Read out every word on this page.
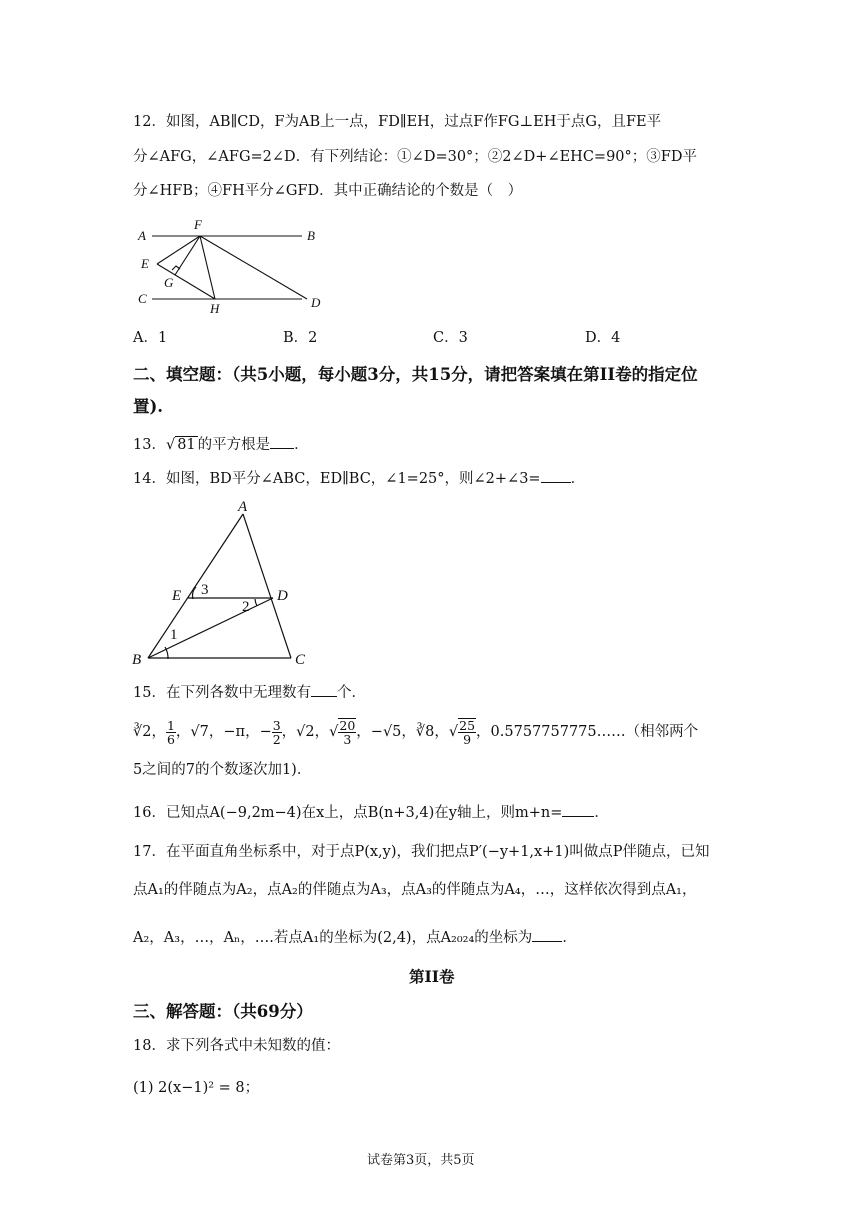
12．如图，AB∥CD，F为AB上一点，FD∥EH，过点F作FG⊥EH于点G，且FE平
分∠AFG，∠AFG=2∠D．有下列结论：①∠D=30°；②2∠D+∠EHC=90°；③FD平
分∠HFB；④FH平分∠GFD．其中正确结论的个数是（　）
A
F
B
E
G
C
H	D
A．1	B．2	C．3	D．4
二、填空题：（共5小题，每小题3分，共15分，请把答案填在第II卷的指定位
置).
13．√ 81 的平方根是 ．
14．如图，BD平分∠ABC，ED∥BC，∠1=25°，则∠2+∠3= ．
A
E 3	D
2
1
B	C
15．在下列各数中无理数有 个．
∛2， $\frac{1}{6}$ ，√7，−π，− $\frac{3}{2}$ ，√2，√ $\frac{20}{3}$ ，−√5，∛8，√ $\frac{25}{9}$ ，0.5757757775……（相邻两个
5之间的7的个数逐次加1)．
16．已知点A(−9,2m−4)在x上，点B(n+3,4)在y轴上，则m+n= ．
17．在平面直角坐标系中，对于点P(x,y)，我们把点P′(−y+1,x+1)叫做点P伴随点，已知
点A₁的伴随点为A₂，点A₂的伴随点为A₃，点A₃的伴随点为A₄，…，这样依次得到点A₁，
A₂，A₃，…，Aₙ，….若点A₁的坐标为(2,4)，点A₂₀₂₄的坐标为 ．
第II卷
三、解答题：（共69分）
18．求下列各式中未知数的值：
(1) 2(x−1)² = 8；
试卷第3页，共5页
